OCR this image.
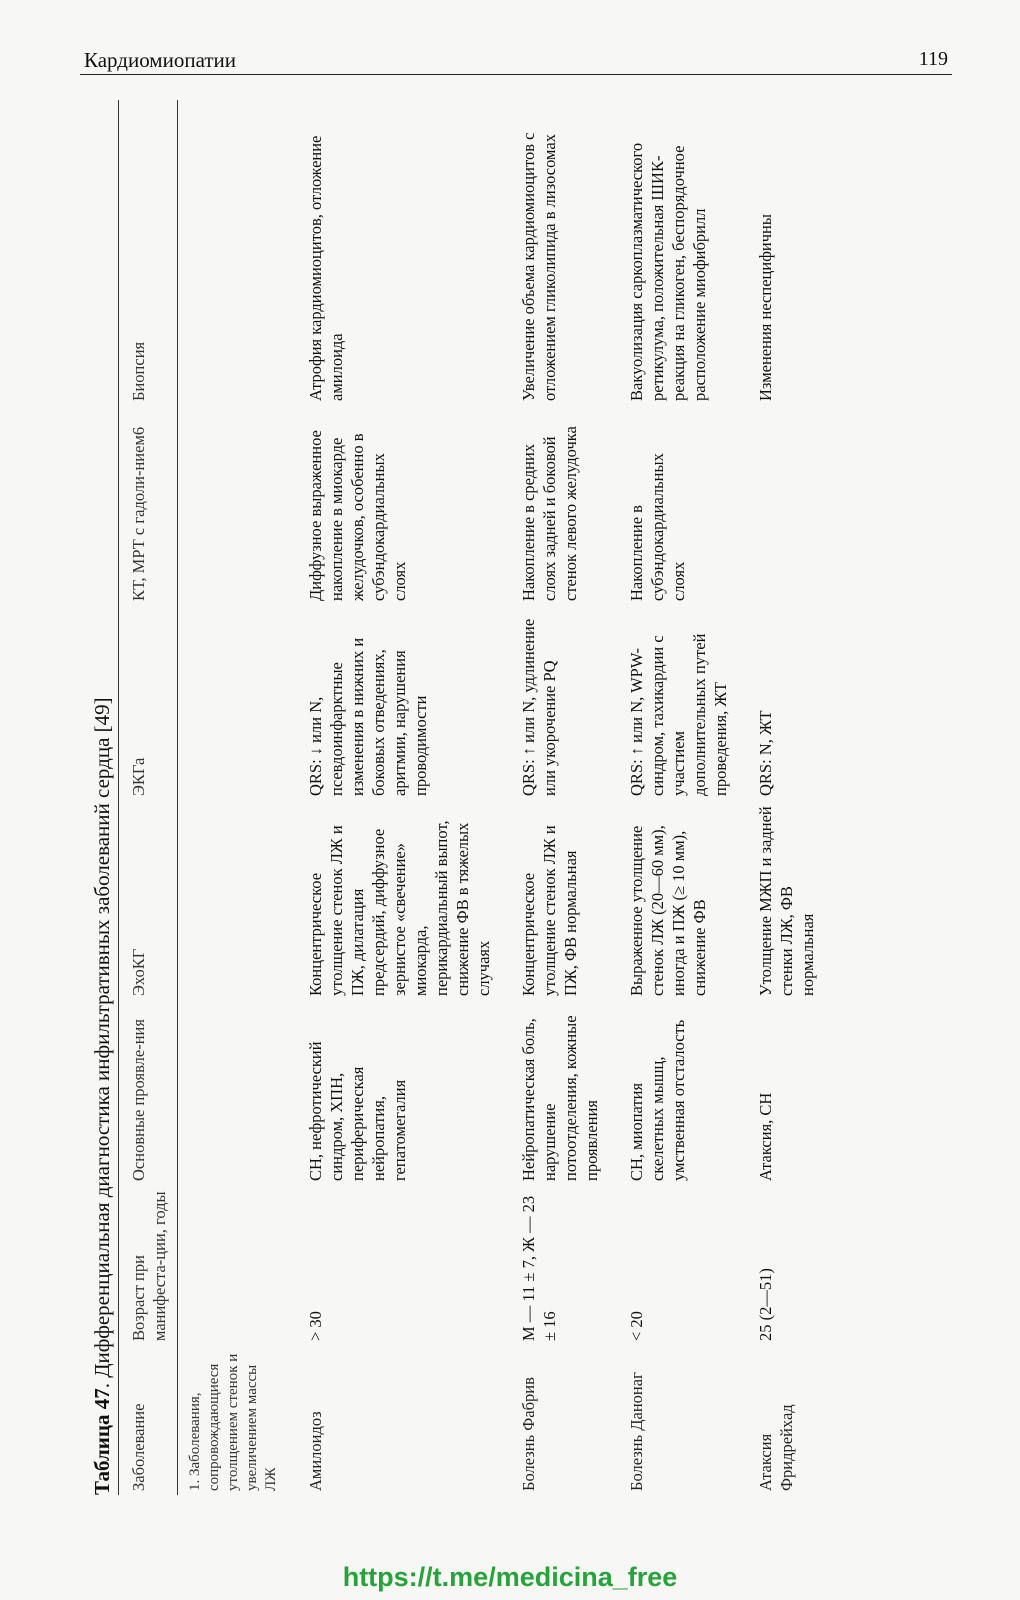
Кардиомиопатии	119
Таблица 47. Дифференциальная диагностика инфильтративных заболеваний сердца [49]
Заболевание	Возраст при манифеста-ции, годы	Основные проявле-ния	ЭхоКГ	ЭКГа	КТ, МРТ с гадоли-нием6	Биопсия
1. Заболевания, сопровождающиеся утолщением стенок и увеличением массы ЛЖ						
Амилоидоз	> 30	СН, нефротический синдром, ХПН, периферическая нейропатия, гепатомегалия	Концентрическое утолщение стенок ЛЖ и ПЖ, дилатация предсердий, диффузное зернистое «свечение» миокарда, перикардиальный выпот, снижение ФВ в тяжелых случаях	QRS: ↓ или N, псевдоинфарктные изменения в нижних и боковых отведениях, аритмии, нарушения проводимости	Диффузное выраженное накопление в миокарде желудочков, особенно в субэндокардиальных слоях	Атрофия кардиомиоцитов, отложение амилоида
Болезнь Фабрив	М — 11 ± 7, Ж — 23 ± 16	Нейропатическая боль, нарушение потоотделения, кожные проявления	Концентрическое утолщение стенок ЛЖ и ПЖ, ФВ нормальная	QRS: ↑ или N, удлинение или укорочение PQ	Накопление в средних слоях задней и боковой стенок левого желудочка	Увеличение объема кардиомиоцитов с отложением гликолипида в лизосомах
Болезнь Данонаг	< 20	СН, миопатия скелетных мышц, умственная отсталость	Выраженное утолщение стенок ЛЖ (20—60 мм), иногда и ПЖ (≥ 10 мм), снижение ФВ	QRS: ↑ или N, WPW-синдром, тахикардии с участием дополнительных путей проведения, ЖТ	Накопление в субэндокардиальных слоях	Вакуолизация саркоплазматического ретикулума, положительная ШИК-реакция на гликоген, беспорядочное расположение миофибрилл
Атаксия Фридрейхад	25 (2—51)	Атаксия, СН	Утолщение МЖП и задней стенки ЛЖ, ФВ нормальная	QRS: N, ЖТ		Изменения неспецифичны
https://t.me/medicina_free
